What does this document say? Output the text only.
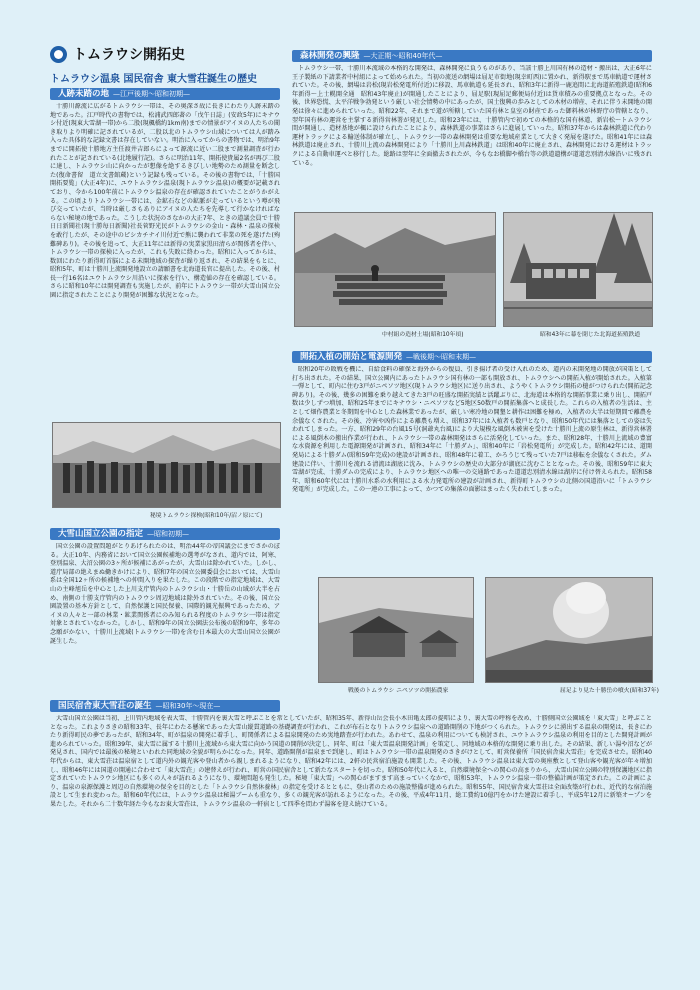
トムラウシ開拓史
トムラウシ温泉 国民宿舎 東大雪荘誕生の歴史
人跡未踏の地 —江戸後期〜昭和初期—

十勝川源流に広がるトムラウシ一帯は、その奥深さ故に長きにわたり人跡未踏の地であった。江戸時代の書物では、松浦武四郎著の「戊午日誌」(安政5年)にキナウシ付近(現東大雪湖一帯)から二股(現楓橋約1km南)までの情景がアイヌの人たちの聞き取りより明確に記されているが、二股以北のトムラウシ山域については人が踏み入った具体的な記録文書は存在していない。明治に入ってからの書物では、明治9年までに開拓使十勝地方主任渡井吉郎らによって源流に近い二股まで測量調査が行われたことが記されている(北地履行記)。さらに明治11年、開拓使貴属2名が再び二股に達し、トムラウシ山に向かったが想像を絶するきびしい地勢のため測量を断念した(復命書留　道立文書館蔵)という記録も残っている。その後の書物では、「十勝国開拓要覧」(大正4年)に、ユウトムラウシ温泉(現トムラウシ温泉)の概要が記載されており、今から100年前にトムラウシ温泉の存在が確認されていたことがうかがえる。この頃よりトムラウシ一帯には、金鉱石などの鉱脈が走っているという噂が飛び交っていたが、当時は厳しさもありにアイヌの人たちを先導して行かなければならない秘境の地であった。こうした状況のさなかの大正7年、ときの道議会員で十勝日日新聞社(現十勝毎日新聞)社長菅野光民がトムラウシの金山・森林・温泉の探検を敢行したが、その途中のピシカチナイ川付近で熊に襲われて非業の死を遂げた(殉難碑あり)。その後を追って、大正11年には新得の実業家黒田清らが関係者を伴い、トムラウシ一帯の探検に入ったが、これも失敗に終わった。昭和に入ってからは、数回にわたり新得町首脳による未開地域の探査が繰り返され、その結果をもとに、昭和5年、町は十勝川上流開発地設立の請願書を北海道長官に提出した。その後、村長一行16名はユウトムラウシ川沿いに探索を行い、構造値の存在を確認している。さらに昭和10年には開発調査も実施したが、前年にトムラウシ一帯が大雪山国立公園に指定されたことにより開発が困難な状況となった。

秘境トムラウシ探検(昭和10年/沼ノ原にて)
大雪山国立公園の指定 —昭和初期—

国立公園の設置問題がとりあげられたのは、明治44年の帝国議会にまでさかのぼる。大正10年、内務省において国立公園候補地の選考がなされ、道内では、阿寒、登別温泉、大沼公園の3ヶ所が候補にあがったが、大雪山は除かれていた。しかし、道庁局部の絶えまぬ働きかけにより、昭和7年の国立公園委員会においては、大雪山系は全国12ヶ所の候補地への仲間入りを果たした。この段階での指定地域は、大雪山の主峰旭岳を中心とした上川支庁管内のトムラウシ山・十勝岳の山域が大半を占め、南側の十勝支庁管内のトムラウシ周辺地域は除外されていた。その後、国立公園設置の基本方針として、自然保護と国民保養、国際的観光振興であったため、アイヌの人々と一部の林業・鉱業関係者にのみ知られる程度のトムラウシ一帯は指定対象とされていなかった。しかし、昭和9年の国立公園法公布後の昭和9年、多年の念願がかない、十勝川上流域(トムラウシ一帯)を含む日本最大の大雪山国立公園が誕生した。

森林開発の興隆 —大正期〜昭和40年代—

トムラウシ一帯、十勝川本流域の本格的な開発は、森林開発に負うものがあり、当該十勝上川国有林の造材・搬出は、大正6年に王子製紙の下請業者中村組によって始められた。当初の流送の網場は屈足市街地(現幸町西)に置かれ、新得駅まで馬車軌道で運材されていた。その後、網場は岩松(現岩松発電所付近)に移設、馬車軌道も延長され、昭和3年に新得一鹿追間に北海道拓殖鉄道(昭和6年新得〜上士幌開全通　昭和43年廃止)が開通したことにより、屈足駅(現屈足郵便局付近)は貨車積みの重要拠点となった。その後、世界恐慌、太平洋戦争勃発という厳しい社会情勢の中にあったが、国土復興の歩みとしての木材の増産、それに伴う未開地の開発は徐々に進められていった。昭和22年、それまで道が所轄していた国有林と皇室の財産であった御料林が林野庁の管轄となり、翌年国有林の運営を主掌する新得営林署が発足した。昭和23年には、十勝管内で初めての本格的な国有林道、新岩松〜トムラウシ間が開通し、造材基地が楓に設けられたことにより、森林鉄道の事業はさらに進展していった。昭和37年からは森林鉄道に代わり運材トラックによる輸送体制が確立し、トムラウシ一帯の森林開発は重要な地域産業として大きく発展を遂げた。昭和41年には森林鉄道は廃止され、十勝川上流の森林開発により「十勝川上川森林鉄道」は昭和40年に廃止され、森林開発における運材はトラックによる自動車運べと移行した。総路は翌年に全面撤去されたが、今もなお橋脚や橋台等の鉄道遺構が道道忠別清水線沿いに残されている。

中村組の造材土場(昭和10年頃)	昭和43年に幕を閉じた北海道拓殖鉄道
開拓入植の開始と電源開発 —戦後期〜昭和末期—

昭和20年の敗戦を機に、自給食料の確保と海外からの復員、引き揚げ者の受け入れのため、道内の未開発地の開放が国策として打ち出された。その結果、国立公園内にあったトムラウシ国有林の一部も開放され、トムラウシへの開拓入植が開始された。入植第一弾として、町内に住む3戸がニペソツ地区(現トムラウシ地区)に送り出され、ようやくトムラウシ開拓の槌がつけられた(開拓記念碑あり)。その後、幾多の困難を乗り越えてきた3戸の旺盛な開拓実績と活躍ぶりに、北海道は本格的な開拓事業に乗り出し、開拓戸数は少しずつ増加、昭和25年までにキナウシ・ニペソツなど5地区50数戸の開拓集落へと成長した。これらの入植者の生活は、主として畑作農業と冬期間を中心とした森林業であったが、厳しい寒冷地の開墾と耕作は困難を極め、入植者の大半は短期間で離農を余儀なくされた。その後、冷害や凶作による離農も増え、昭和37年には入植者も数戸となり、昭和50年代には集落としての姿は失われてしまった。一方、昭和29年の台風15号(洞爺丸台風)により大規模な風倒木被害を受けた十勝川上流の原生林は、新得営林署による風倒木の搬出作業が行われ、トムラウシ一帯の森林開発はさらに活発化していった。また、昭和28年、十勝川上流域の豊富な水資源を利用した電源開発が計画され、昭和34年に「十勝ダム」、昭和40年に「岩松発電所」が完成した。昭和42年には、道開発局による十勝ダム(昭和59年完成)の建設が計画され、昭和48年に着工、かろうじて残っていた7戸は移転を余儀なくされた。ダム建設に伴い、十勝川を流れる清流は湖底に沈み、トムラウシの歴史の大部分が湖底に沈むこととなった。その後、昭和59年に東大雪湖が完成、十勝ダムの完成により、トムラウシ地区への唯一の交通路であった道道忠別清水線は湖岸に付け替えられた。昭和58年、昭和60年代には十勝川水系の水利用による水力発電所の建設が計画され、新得町トムラウシの北側の国道沿いに「トムラウシ発電所」が完成した。この一連の工事によって、かつての集落の面影はまったく失われてしまった。

戦後のトムラウシ ニペソツの開拓農家	屈足より見た十勝岳の噴火(昭和37年)
国民宿舎東大雪荘の誕生 —昭和30年〜現在—

大雪山国立公園は当初、上川管内地域を表大雪、十勝管内を裏大雪と呼ぶことを常としていたが、昭和35年、新得山岳会長小木田亀太郎の提唱により、裏大雪の呼称を改め、十勝側国立公園域を「東大雪」と呼ぶこととなった。これよりさきの昭和33年、長年にわたる懸案であった大雪山縦貫道路の基礎調査が行われ、これが布石となりトムラウシ温泉への道路開削の下地がつくられた。トムラウシに湧出する温泉の開発は、長きにわたり新得町民の夢であったが、昭和34年、町が温泉の開発に着手し、町関係者による温泉開発のため実地踏査が行われた。あわせて、温泉の利用についても検討され、ユウトムラウシ温泉の利用を目的とした開発計画が進められていった。昭和39年、東大雪に属する十勝川上流域から東大雪に向かう国道の開削が決定し、同年、町は「東大雪温泉開発計画」を策定し、同地域の本格的な開発に乗り出した。その結果、新しい湯や沼などが発見され、国内では最後の秘境といわれた同地域の全貌が明らかになった。同年、道路開削が温泉まで到達し、町はトムラウシ一帯の温泉開発のさきがけとして、町営保養所「国民宿舎東大雪荘」を完成させた。昭和40年代からは、東大雪荘は温泉宿として道内外の観光客や登山者から親しまれるようになり、昭和42年には、2軒の民営宿泊施設も開業した。その後、トムラウシ温泉は東大雪の奥座敷として登山客や観光客が年々増加し、昭和46年には国道の開通に合わせて「東大雪荘」の建替えが行われ、町営の国民宿舎として新たなスタートを切った。昭和50年代に入ると、自然環境保全への関心の高まりから、大雪山国立公園の特別保護地区に指定されていたトムラウシ地区にも多くの人々が訪れるようになり、環境問題も発生した。秘境「東大雪」への関心がますます高まっていくなかで、昭和53年、トムラウシ温泉一帯の整備計画が策定された。この計画により、温泉の泉源保護と周辺の自然環境の保全を目的とした「トムラウシ自然休養林」の指定を受けるとともに、登山者のための施設整備が進められた。昭和55年、国民宿舎東大雪荘は全面改築が行われ、近代的な宿泊施設として生まれ変わった。昭和60年代には、トムラウシ温泉は秘湯ブームも重なり、多くの観光客が訪れるようになった。その後、平成4年11月、総工費約10億円をかけた建設に着手し、平成5年12月に新築オープンを果たした。それから二十数年経た今もなお東大雪荘は、トムラウシ温泉の一軒宿として四季を問わず湯客を迎え続けている。
